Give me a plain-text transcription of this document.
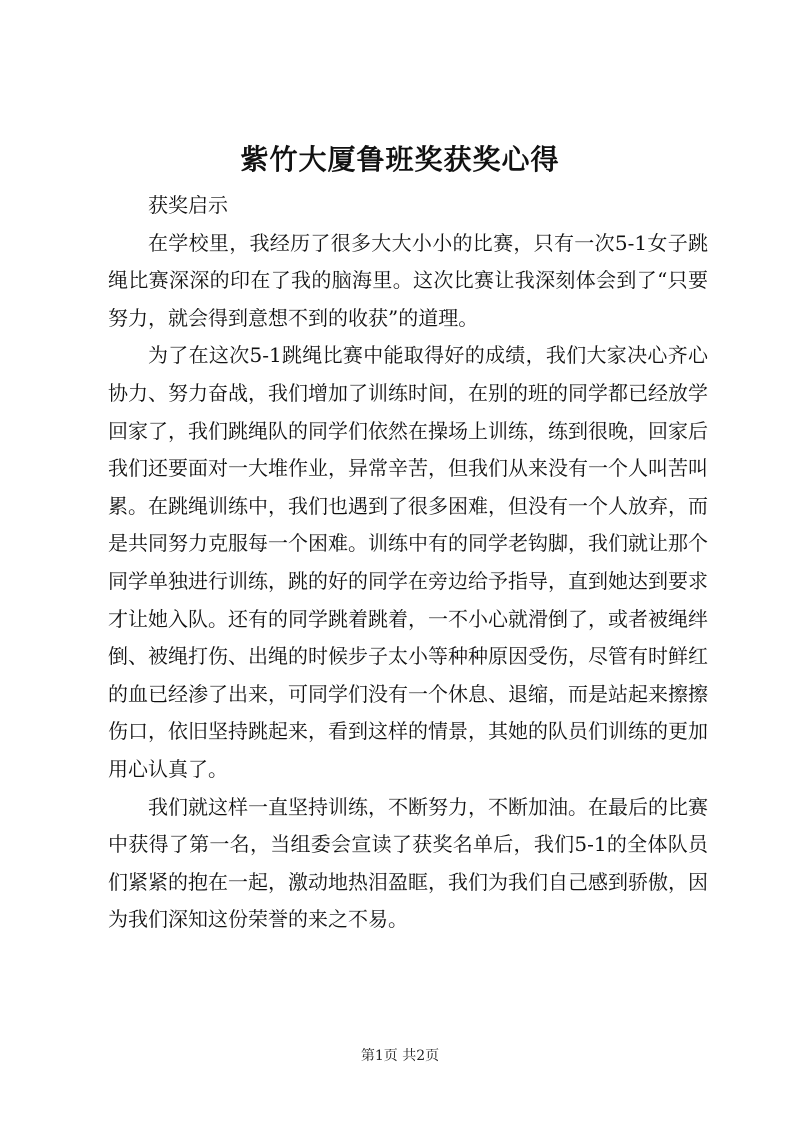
紫竹大厦鲁班奖获奖心得

获奖启示

在学校里，我经历了很多大大小小的比赛，只有一次5-1女子跳绳比赛深深的印在了我的脑海里。这次比赛让我深刻体会到了“只要努力，就会得到意想不到的收获”的道理。

为了在这次5-1跳绳比赛中能取得好的成绩，我们大家决心齐心协力、努力奋战，我们增加了训练时间，在别的班的同学都已经放学回家了，我们跳绳队的同学们依然在操场上训练，练到很晚，回家后我们还要面对一大堆作业，异常辛苦，但我们从来没有一个人叫苦叫累。在跳绳训练中，我们也遇到了很多困难，但没有一个人放弃，而是共同努力克服每一个困难。训练中有的同学老钩脚，我们就让那个同学单独进行训练，跳的好的同学在旁边给予指导，直到她达到要求才让她入队。还有的同学跳着跳着，一不小心就滑倒了，或者被绳绊倒、被绳打伤、出绳的时候步子太小等种种原因受伤，尽管有时鲜红的血已经渗了出来，可同学们没有一个休息、退缩，而是站起来擦擦伤口，依旧坚持跳起来，看到这样的情景，其她的队员们训练的更加用心认真了。

我们就这样一直坚持训练，不断努力，不断加油。在最后的比赛中获得了第一名，当组委会宣读了获奖名单后，我们5-1的全体队员们紧紧的抱在一起，激动地热泪盈眶，我们为我们自己感到骄傲，因为我们深知这份荣誉的来之不易。

第1页 共2页
